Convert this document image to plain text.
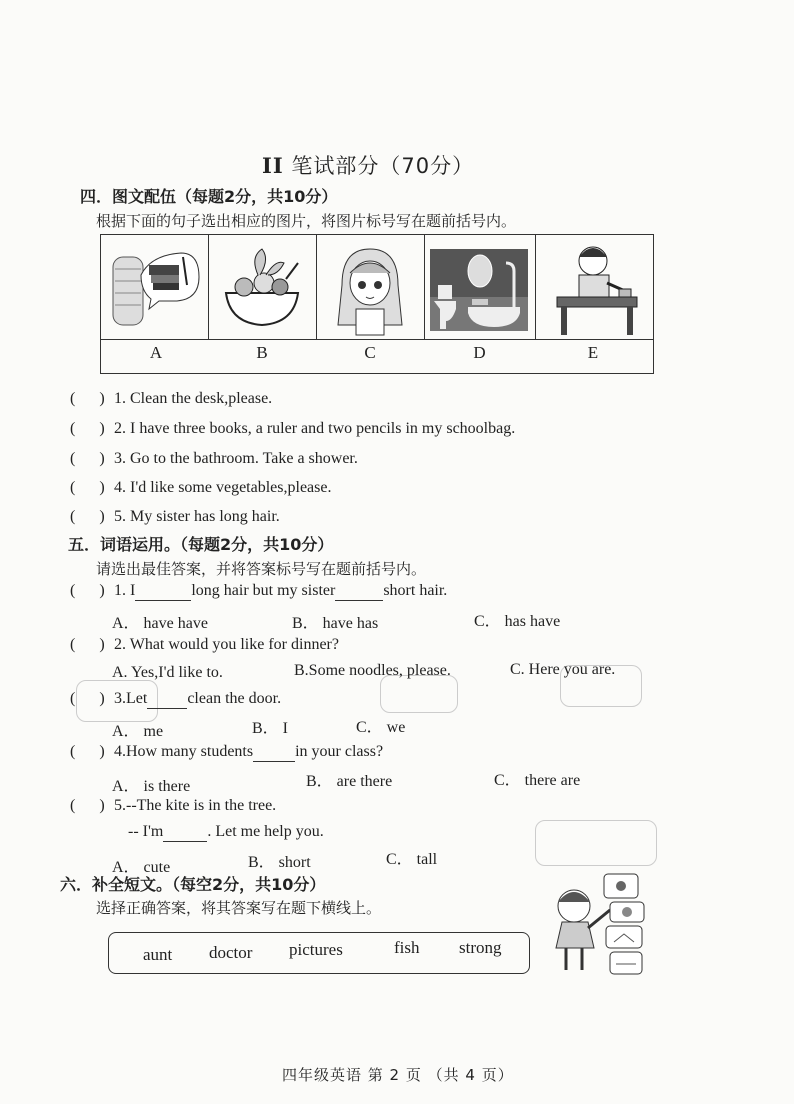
II 笔试部分（70分）
四．图文配伍（每题2分，共10分）
根据下面的句子选出相应的图片，将图片标号写在题前括号内。
A	B	C	D	E
(      ) 1. Clean the desk,please.
(      ) 2. I have three books, a ruler and two pencils in my schoolbag.
(      ) 3. Go to the bathroom. Take a shower.
(      ) 4. I'd like some vegetables,please.
(      ) 5. My sister has long hair.
五．词语运用。（每题2分，共10分）
请选出最佳答案，并将答案标号写在题前括号内。
(      ) 1. I	long hair but my sister	short hair.
A． have have	B． have has	C． has have
(      ) 2. What would you like for dinner?
A. Yes,I'd like to.	B.Some noodles, please.	C. Here you are.
(      ) 3.Let	clean the door.
A． me	B． I	C． we
(      ) 4.How many students	in your class?
A． is there	B． are there	C． there are
(      ) 5.--The kite is in the tree.
-- I'm	. Let me help you.
A． cute	B． short	C． tall
六．补全短文。（每空2分，共10分）
选择正确答案，将其答案写在题下横线上。
aunt doctor pictures	fish strong
四年级英语 第 2 页 （共 4 页）
